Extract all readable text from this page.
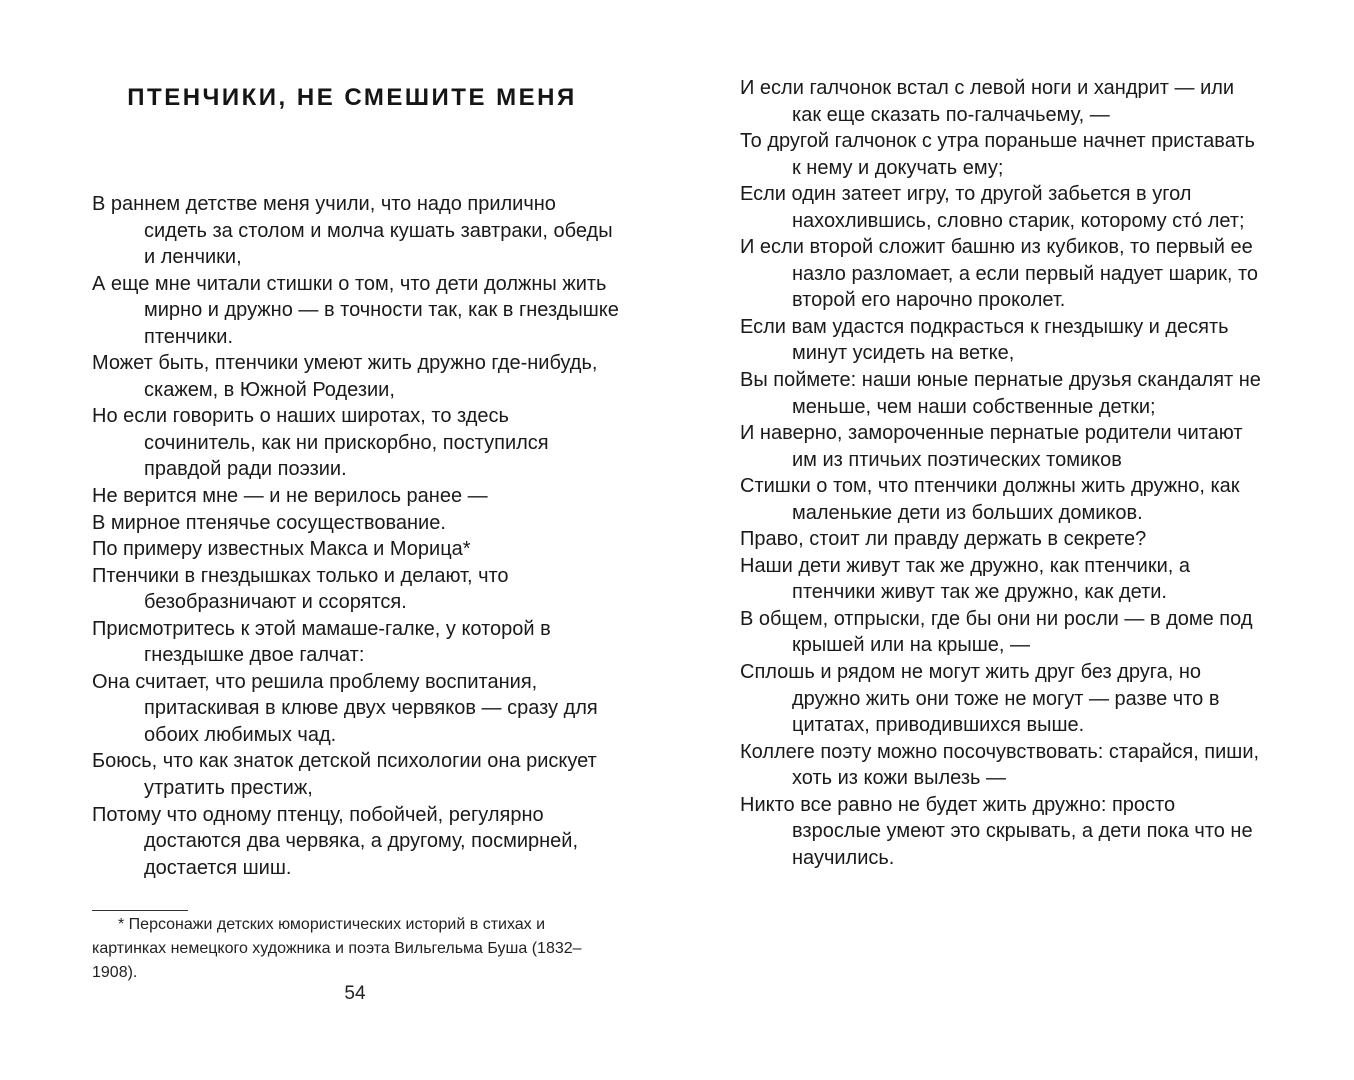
ПТЕНЧИКИ, НЕ СМЕШИТЕ МЕНЯ

В раннем детстве меня учили, что надо прилично сидеть за столом и молча кушать завтраки, обеды и ленчики,

А еще мне читали стишки о том, что дети должны жить мирно и дружно — в точности так, как в гнездышке птенчики.

Может быть, птенчики умеют жить дружно где-нибудь, скажем, в Южной Родезии,

Но если говорить о наших широтах, то здесь сочинитель, как ни прискорбно, поступился правдой ради поэзии.

Не верится мне — и не верилось ранее —

В мирное птенячье сосуществование.

По примеру известных Макса и Морица*

Птенчики в гнездышках только и делают, что безобразничают и ссорятся.

Присмотритесь к этой мамаше-галке, у которой в гнездышке двое галчат:

Она считает, что решила проблему воспитания, притаскивая в клюве двух червяков — сразу для обоих любимых чад.

Боюсь, что как знаток детской психологии она рискует утратить престиж,

Потому что одному птенцу, побойчей, регулярно достаются два червяка, а другому, посмирней, достается шиш.

* Персонажи детских юмористических историй в стихах и картинках немецкого художника и поэта Вильгельма Буша (1832–1908).
54

И если галчонок встал с левой ноги и хандрит — или как еще сказать по-галчачьему, —

То другой галчонок с утра пораньше начнет приставать к нему и докучать ему;

Если один затеет игру, то другой забьется в угол нахохлившись, словно старик, которому сто́ лет;

И если второй сложит башню из кубиков, то первый ее назло разломает, а если первый надует шарик, то второй его нарочно проколет.

Если вам удастся подкрасться к гнездышку и десять минут усидеть на ветке,

Вы поймете: наши юные пернатые друзья скандалят не меньше, чем наши собственные детки;

И наверно, замороченные пернатые родители читают им из птичьих поэтических томиков

Стишки о том, что птенчики должны жить дружно, как маленькие дети из больших домиков.

Право, стоит ли правду держать в секрете?

Наши дети живут так же дружно, как птенчики, а птенчики живут так же дружно, как дети.

В общем, отпрыски, где бы они ни росли — в доме под крышей или на крыше, —

Сплошь и рядом не могут жить друг без друга, но дружно жить они тоже не могут — разве что в цитатах, приводившихся выше.

Коллеге поэту можно посочувствовать: старайся, пиши, хоть из кожи вылезь —

Никто все равно не будет жить дружно: просто взрослые умеют это скрывать, а дети пока что не научились.
